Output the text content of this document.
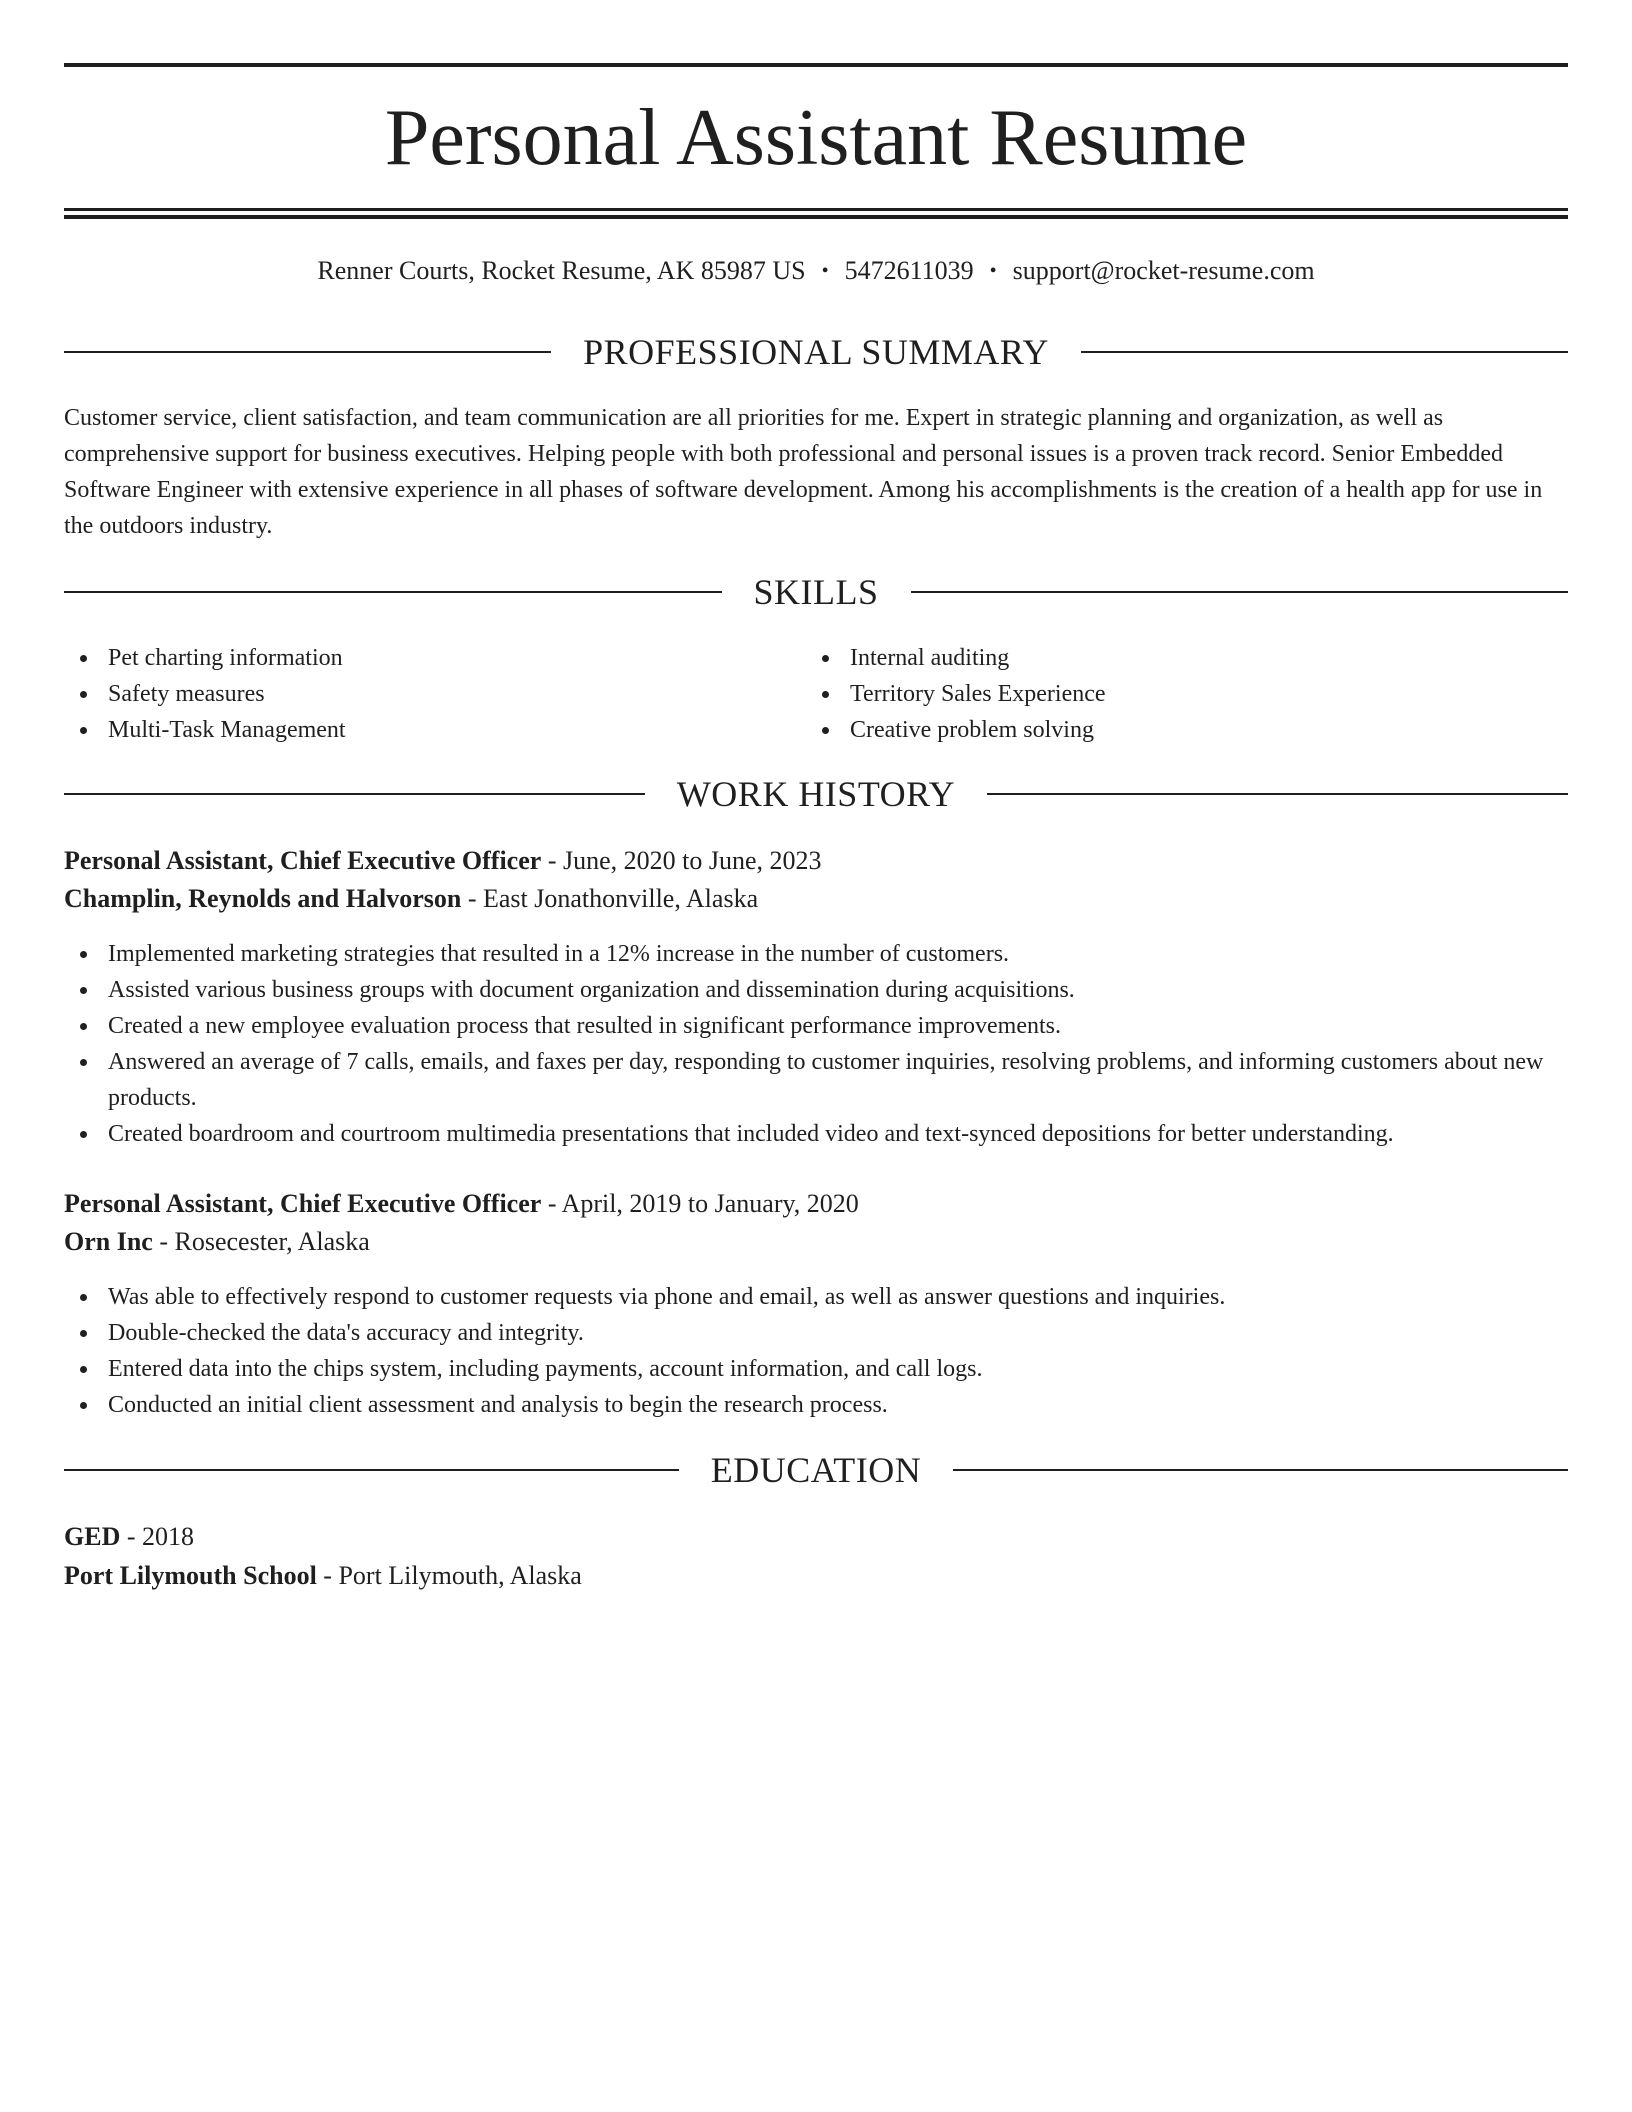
Personal Assistant Resume
Renner Courts, Rocket Resume, AK 85987 US • 5472611039 • support@rocket-resume.com
PROFESSIONAL SUMMARY

Customer service, client satisfaction, and team communication are all priorities for me. Expert in strategic planning and organization, as well as comprehensive support for business executives. Helping people with both professional and personal issues is a proven track record. Senior Embedded Software Engineer with extensive experience in all phases of software development. Among his accomplishments is the creation of a health app for use in the outdoors industry.

SKILLS
Pet charting information
Safety measures
Multi-Task Management
Internal auditing
Territory Sales Experience
Creative problem solving
WORK HISTORY
Personal Assistant, Chief Executive Officer - June, 2020 to June, 2023
Champlin, Reynolds and Halvorson - East Jonathonville, Alaska
Implemented marketing strategies that resulted in a 12% increase in the number of customers.
Assisted various business groups with document organization and dissemination during acquisitions.
Created a new employee evaluation process that resulted in significant performance improvements.
Answered an average of 7 calls, emails, and faxes per day, responding to customer inquiries, resolving problems, and informing customers about new products.
Created boardroom and courtroom multimedia presentations that included video and text-synced depositions for better understanding.
Personal Assistant, Chief Executive Officer - April, 2019 to January, 2020
Orn Inc - Rosecester, Alaska
Was able to effectively respond to customer requests via phone and email, as well as answer questions and inquiries.
Double-checked the data's accuracy and integrity.
Entered data into the chips system, including payments, account information, and call logs.
Conducted an initial client assessment and analysis to begin the research process.
EDUCATION
GED - 2018
Port Lilymouth School - Port Lilymouth, Alaska
